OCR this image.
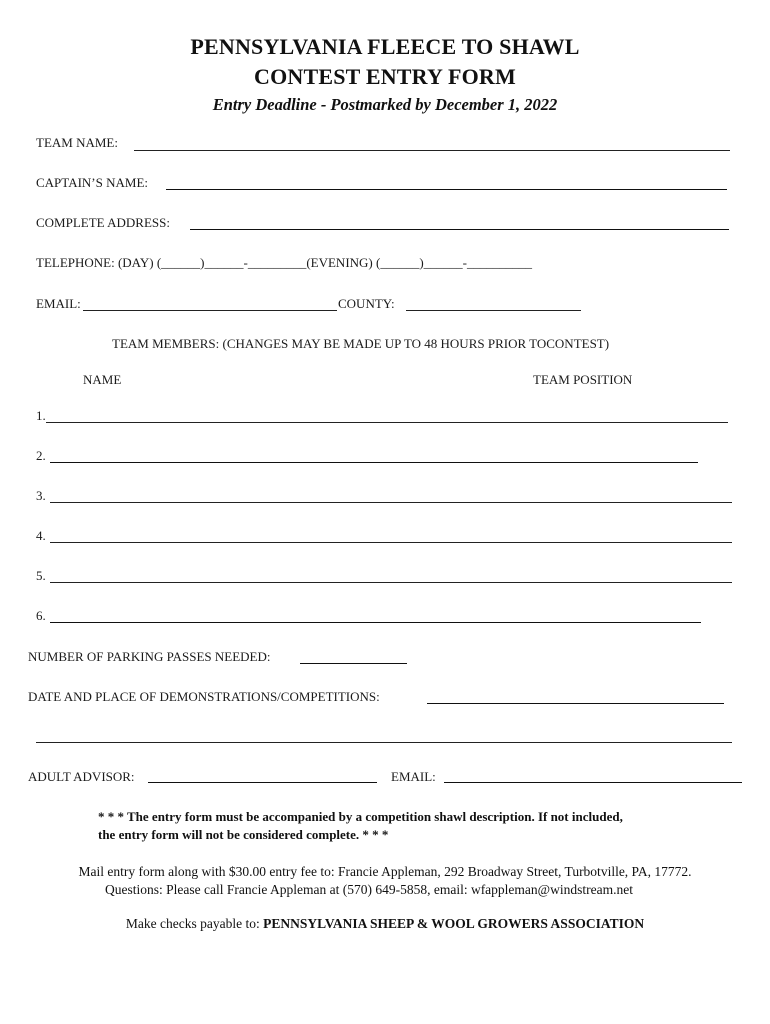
PENNSYLVANIA FLEECE TO SHAWL
CONTEST ENTRY FORM
Entry Deadline - Postmarked by December 1, 2022
TEAM NAME:
CAPTAIN’S NAME:
COMPLETE ADDRESS:
TELEPHONE: (DAY) (______)______-_________(EVENING) (______)______-__________
EMAIL:	COUNTY:
TEAM MEMBERS: (CHANGES MAY BE MADE UP TO 48 HOURS PRIOR TOCONTEST)
NAME	TEAM POSITION
1.
2.
3.
4.
5.
6.
NUMBER OF PARKING PASSES NEEDED:
DATE AND PLACE OF DEMONSTRATIONS/COMPETITIONS:
ADULT ADVISOR:	EMAIL:
* * * The entry form must be accompanied by a competition shawl description. If not included,
the entry form will not be considered complete. * * *
Mail entry form along with $30.00 entry fee to: Francie Appleman, 292 Broadway Street, Turbotville, PA, 17772.
Questions: Please call Francie Appleman at (570) 649-5858, email: wfappleman@windstream.net
Make checks payable to: PENNSYLVANIA SHEEP & WOOL GROWERS ASSOCIATION
